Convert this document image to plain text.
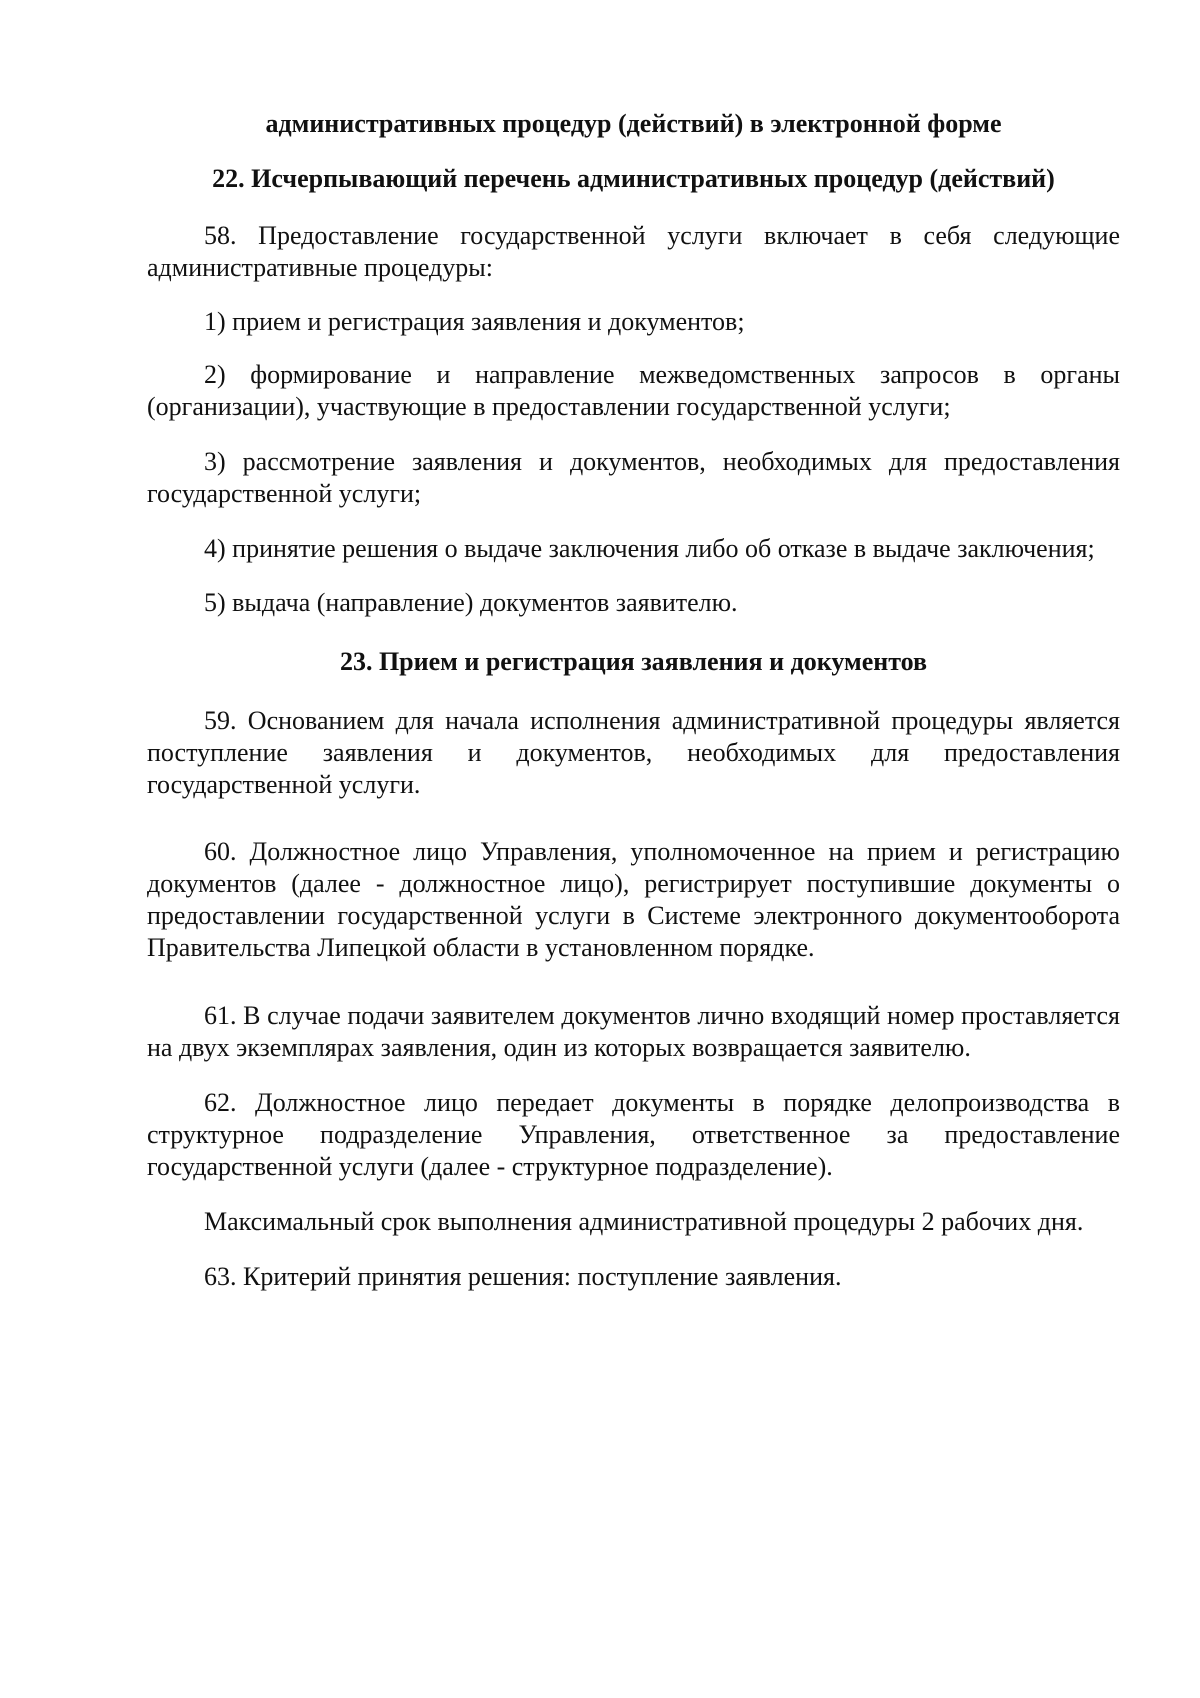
административных процедур (действий) в электронной форме

22. Исчерпывающий перечень административных процедур (действий)

58. Предоставление государственной услуги включает в себя следующие административные процедуры:

1) прием и регистрация заявления и документов;

2) формирование и направление межведомственных запросов в органы (организации), участвующие в предоставлении государственной услуги;

3) рассмотрение заявления и документов, необходимых для предоставления государственной услуги;

4) принятие решения о выдаче заключения либо об отказе в выдаче заключения;

5) выдача (направление) документов заявителю.

23. Прием и регистрация заявления и документов

59. Основанием для начала исполнения административной процедуры является поступление заявления и документов, необходимых для предоставления государственной услуги.

60. Должностное лицо Управления, уполномоченное на прием и регистрацию документов (далее - должностное лицо), регистрирует поступившие документы о предоставлении государственной услуги в Системе электронного документооборота Правительства Липецкой области в установленном порядке.

61. В случае подачи заявителем документов лично входящий номер проставляется на двух экземплярах заявления, один из которых возвращается заявителю.

62. Должностное лицо передает документы в порядке делопроизводства в структурное подразделение Управления, ответственное за предоставление государственной услуги (далее - структурное подразделение).

Максимальный срок выполнения административной процедуры 2 рабочих дня.

63. Критерий принятия решения: поступление заявления.
